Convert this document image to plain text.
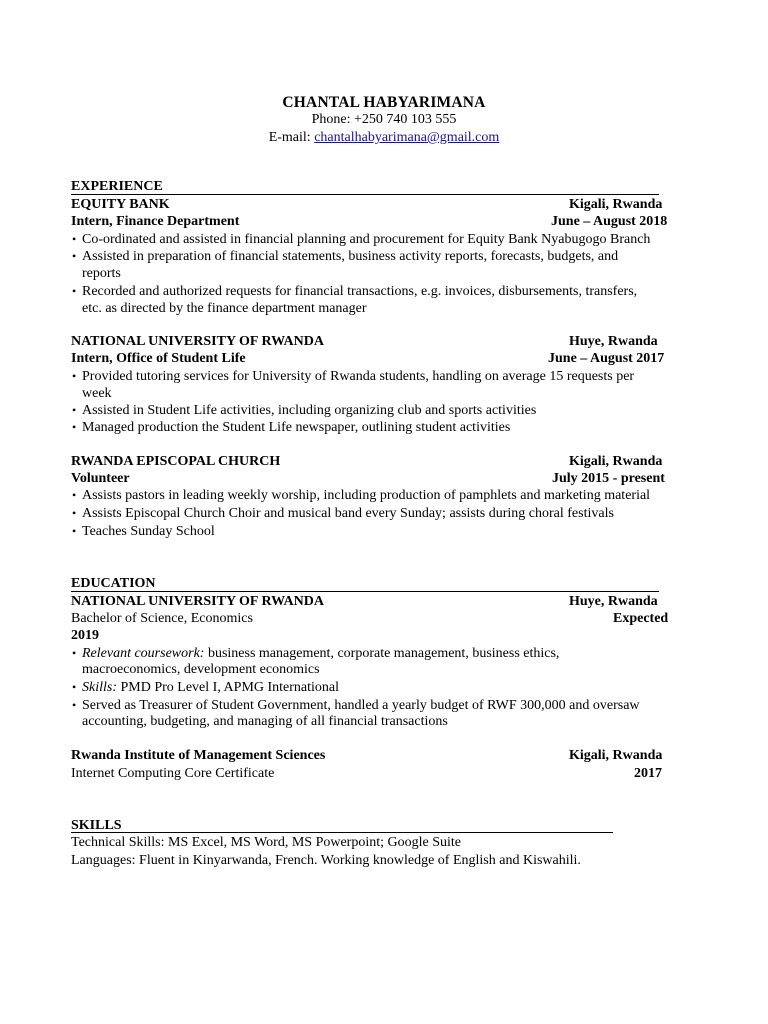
CHANTAL HABYARIMANA
Phone: +250 740 103 555
E-mail: chantalhabyarimana@gmail.com
EXPERIENCE
EQUITY BANK	Kigali, Rwanda
Intern, Finance Department	June – August 2018
• Co-ordinated and assisted in financial planning and procurement for Equity Bank Nyabugogo Branch
• Assisted in preparation of financial statements, business activity reports, forecasts, budgets, and
reports
• Recorded and authorized requests for financial transactions, e.g. invoices, disbursements, transfers,
etc. as directed by the finance department manager
NATIONAL UNIVERSITY OF RWANDA	Huye, Rwanda
Intern, Office of Student Life	June – August 2017
• Provided tutoring services for University of Rwanda students, handling on average 15 requests per
week
• Assisted in Student Life activities, including organizing club and sports activities
• Managed production the Student Life newspaper, outlining student activities
RWANDA EPISCOPAL CHURCH	Kigali, Rwanda
Volunteer	July 2015 - present
• Assists pastors in leading weekly worship, including production of pamphlets and marketing material
• Assists Episcopal Church Choir and musical band every Sunday; assists during choral festivals
• Teaches Sunday School
EDUCATION
NATIONAL UNIVERSITY OF RWANDA	Huye, Rwanda
Bachelor of Science, Economics	Expected
2019
• Relevant coursework: business management, corporate management, business ethics,
macroeconomics, development economics
• Skills: PMD Pro Level I, APMG International
• Served as Treasurer of Student Government, handled a yearly budget of RWF 300,000 and oversaw
accounting, budgeting, and managing of all financial transactions
Rwanda Institute of Management Sciences	Kigali, Rwanda
Internet Computing Core Certificate	2017
SKILLS
Technical Skills: MS Excel, MS Word, MS Powerpoint; Google Suite
Languages: Fluent in Kinyarwanda, French. Working knowledge of English and Kiswahili.
